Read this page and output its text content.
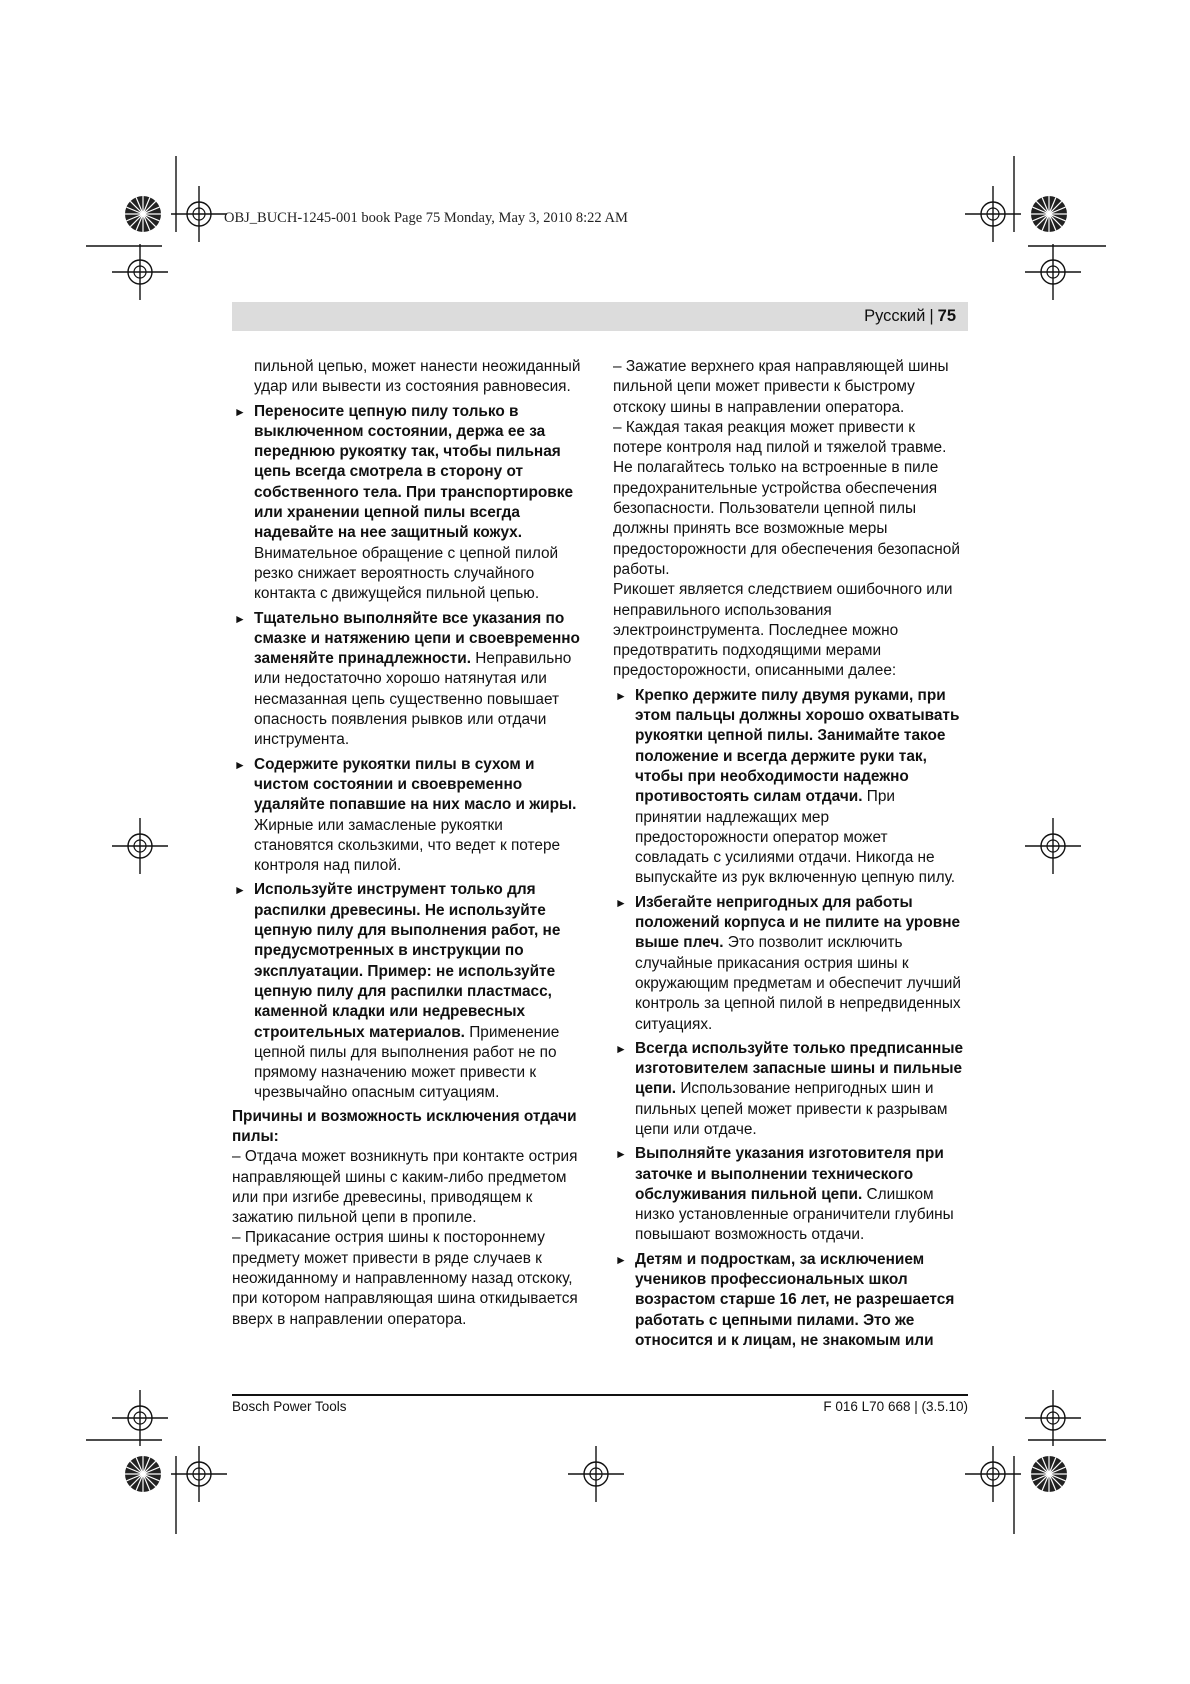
OBJ_BUCH-1245-001 book Page 75 Monday, May 3, 2010 8:22 AM
Русский | 75

пильной цепью, может нанести неожиданный удар или вывести из состояния равновесия.

► Переносите цепную пилу только в выключенном состоянии, держа ее за переднюю рукоятку так, чтобы пильная цепь всегда смотрела в сторону от собственного тела. При транспортировке или хранении цепной пилы всегда надевайте на нее защитный кожух. Внимательное обращение с цепной пилой резко снижает вероятность случайного контакта с движущейся пильной цепью.
► Тщательно выполняйте все указания по смазке и натяжению цепи и своевременно заменяйте принадлежности. Неправильно или недостаточно хорошо натянутая или несмазанная цепь существенно повышает опасность появления рывков или отдачи инструмента.
► Содержите рукоятки пилы в сухом и чистом состоянии и своевременно удаляйте попавшие на них масло и жиры. Жирные или замасленые рукоятки становятся скользкими, что ведет к потере контроля над пилой.
► Используйте инструмент только для распилки древесины. Не используйте цепную пилу для выполнения работ, не предусмотренных в инструкции по эксплуатации. Пример: не используйте цепную пилу для распилки пластмасс, каменной кладки или недревесных строительных материалов. Применение цепной пилы для выполнения работ не по прямому назначению может привести к чрезвычайно опасным ситуациям.

Причины и возможность исключения отдачи пилы:

– Отдача может возникнуть при контакте острия направляющей шины с каким-либо предметом или при изгибе древесины, приводящем к зажатию пильной цепи в пропиле.

– Прикасание острия шины к постороннему предмету может привести в ряде случаев к неожиданному и направленному назад отскоку, при котором направляющая шина откидывается вверх в направлении оператора.

– Зажатие верхнего края направляющей шины пильной цепи может привести к быстрому отскоку шины в направлении оператора.

– Каждая такая реакция может привести к потере контроля над пилой и тяжелой травме. Не полагайтесь только на встроенные в пиле предохранительные устройства обеспечения безопасности. Пользователи цепной пилы должны принять все возможные меры предосторожности для обеспечения безопасной работы.

Рикошет является следствием ошибочного или неправильного использования электроинструмента. Последнее можно предотвратить подходящими мерами предосторожности, описанными далее:

► Крепко держите пилу двумя руками, при этом пальцы должны хорошо охватывать рукоятки цепной пилы. Занимайте такое положение и всегда держите руки так, чтобы при необходимости надежно противостоять силам отдачи. При принятии надлежащих мер предосторожности оператор может совладать с усилиями отдачи. Никогда не выпускайте из рук включенную цепную пилу.
► Избегайте непригодных для работы положений корпуса и не пилите на уровне выше плеч. Это позволит исключить случайные прикасания острия шины к окружающим предметам и обеспечит лучший контроль за цепной пилой в непредвиденных ситуациях.
► Всегда используйте только предписанные изготовителем запасные шины и пильные цепи. Использование непригодных шин и пильных цепей может привести к разрывам цепи или отдаче.
► Выполняйте указания изготовителя при заточке и выполнении технического обслуживания пильной цепи. Слишком низко установленные ограничители глубины повышают возможность отдачи.
► Детям и подросткам, за исключением учеников профессиональных школ возрастом старше 16 лет, не разрешается работать с цепными пилами. Это же относится и к лицам, не знакомым или
Bosch Power Tools	F 016 L70 668 | (3.5.10)
